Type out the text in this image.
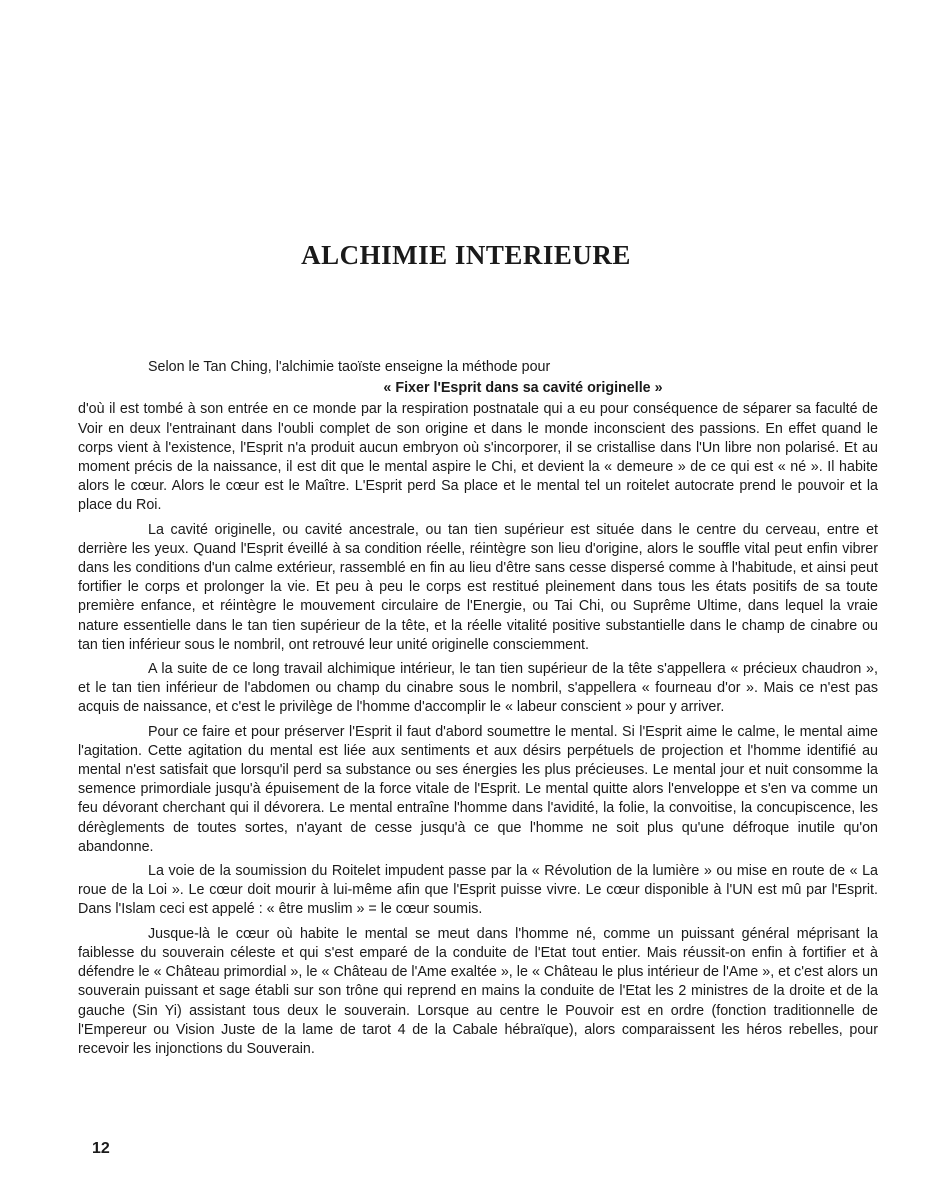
ALCHIMIE INTERIEURE

Selon le Tan Ching, l'alchimie taoïste enseigne la méthode pour

« Fixer l'Esprit dans sa cavité originelle »

d'où il est tombé à son entrée en ce monde par la respiration postnatale qui a eu pour conséquence de séparer sa faculté de Voir en deux l'entrainant dans l'oubli complet de son origine et dans le monde inconscient des passions. En effet quand le corps vient à l'existence, l'Esprit n'a produit aucun embryon où s'incorporer, il se cristallise dans l'Un libre non polarisé. Et au moment précis de la naissance, il est dit que le mental aspire le Chi, et devient la « demeure » de ce qui est « né ». Il habite alors le cœur. Alors le cœur est le Maître. L'Esprit perd Sa place et le mental tel un roitelet autocrate prend le pouvoir et la place du Roi.

La cavité originelle, ou cavité ancestrale, ou tan tien supérieur est située dans le centre du cerveau, entre et derrière les yeux. Quand l'Esprit éveillé à sa condition réelle, réintègre son lieu d'origine, alors le souffle vital peut enfin vibrer dans les conditions d'un calme extérieur, rassemblé en fin au lieu d'être sans cesse dispersé comme à l'habitude, et ainsi peut fortifier le corps et prolonger la vie. Et peu à peu le corps est restitué pleinement dans tous les états positifs de sa toute première enfance, et réintègre le mouvement circulaire de l'Energie, ou Tai Chi, ou Suprême Ultime, dans lequel la vraie nature essentielle dans le tan tien supérieur de la tête, et la réelle vitalité positive substantielle dans le champ de cinabre ou tan tien inférieur sous le nombril, ont retrouvé leur unité originelle consciemment.

A la suite de ce long travail alchimique intérieur, le tan tien supérieur de la tête s'appellera « précieux chaudron », et le tan tien inférieur de l'abdomen ou champ du cinabre sous le nombril, s'appellera « fourneau d'or ». Mais ce n'est pas acquis de naissance, et c'est le privilège de l'homme d'accomplir le « labeur conscient » pour y arriver.

Pour ce faire et pour préserver l'Esprit il faut d'abord soumettre le mental. Si l'Esprit aime le calme, le mental aime l'agitation. Cette agitation du mental est liée aux sentiments et aux désirs perpétuels de projection et l'homme identifié au mental n'est satisfait que lorsqu'il perd sa substance ou ses énergies les plus précieuses. Le mental jour et nuit consomme la semence primordiale jusqu'à épuisement de la force vitale de l'Esprit. Le mental quitte alors l'enveloppe et s'en va comme un feu dévorant cherchant qui il dévorera. Le mental entraîne l'homme dans l'avidité, la folie, la convoitise, la concupiscence, les dérèglements de toutes sortes, n'ayant de cesse jusqu'à ce que l'homme ne soit plus qu'une défroque inutile qu'on abandonne.

La voie de la soumission du Roitelet impudent passe par la « Révolution de la lumière » ou mise en route de « La roue de la Loi ». Le cœur doit mourir à lui-même afin que l'Esprit puisse vivre. Le cœur disponible à l'UN est mû par l'Esprit. Dans l'Islam ceci est appelé : « être muslim » = le cœur soumis.

Jusque-là le cœur où habite le mental se meut dans l'homme né, comme un puissant général méprisant la faiblesse du souverain céleste et qui s'est emparé de la conduite de l'Etat tout entier. Mais réussit-on enfin à fortifier et à défendre le « Château primordial », le « Château de l'Ame exaltée », le « Château le plus intérieur de l'Ame », et c'est alors un souverain puissant et sage établi sur son trône qui reprend en mains la conduite de l'Etat les 2 ministres de la droite et de la gauche (Sin Yi) assistant tous deux le souverain. Lorsque au centre le Pouvoir est en ordre (fonction traditionnelle de l'Empereur ou Vision Juste de la lame de tarot 4 de la Cabale hébraïque), alors comparaissent les héros rebelles, pour recevoir les injonctions du Souverain.

12
